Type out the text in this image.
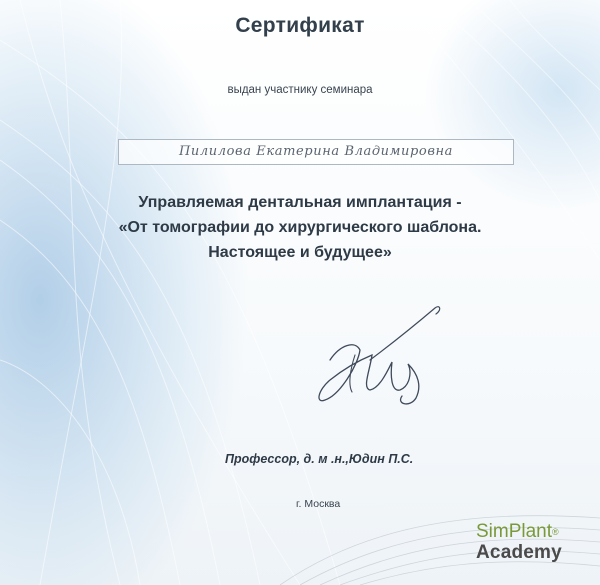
Сертификат
выдан участнику семинара
Пилилова Екатерина Владимировна
Управляемая дентальная имплантация -
«От томографии до хирургического шаблона.
Настоящее и будущее»
Профессор, д. м .н.,Юдин П.С.
г. Москва
SimPlant®
Academy
